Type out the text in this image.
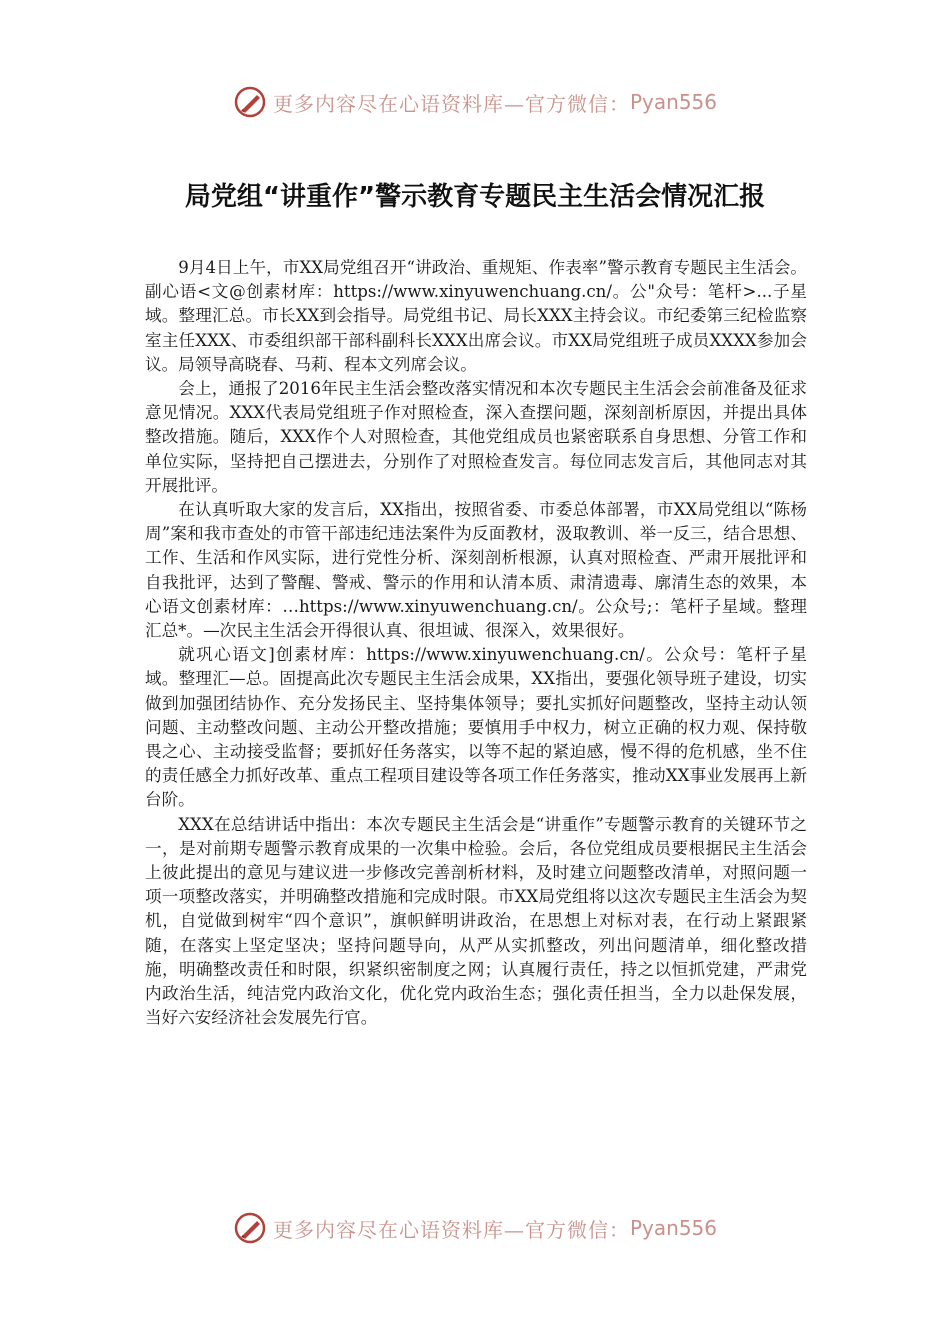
更多内容尽在心语资料库—官方微信： Pyan556
局党组“讲重作”警示教育专题民主生活会情况汇报

9月4日上午，市XX局党组召开“讲政治、重规矩、作表率”警示教育专题民主生活会。副心语<文@创素材库：https://www.xinyuwenchuang.cn/。公"众号：笔杆>...子星域。整理汇总。市长XX到会指导。局党组书记、局长XXX主持会议。市纪委第三纪检监察室主任XXX、市委组织部干部科副科长XXX出席会议。市XX局党组班子成员XXXX参加会议。局领导高晓春、马莉、程本文列席会议。

会上，通报了2016年民主生活会整改落实情况和本次专题民主生活会会前准备及征求意见情况。XXX代表局党组班子作对照检查，深入查摆问题，深刻剖析原因，并提出具体整改措施。随后，XXX作个人对照检查，其他党组成员也紧密联系自身思想、分管工作和单位实际，坚持把自己摆进去，分别作了对照检查发言。每位同志发言后，其他同志对其开展批评。

在认真听取大家的发言后，XX指出，按照省委、市委总体部署，市XX局党组以“陈杨周”案和我市查处的市管干部违纪违法案件为反面教材，汲取教训、举一反三，结合思想、工作、生活和作风实际，进行党性分析、深刻剖析根源，认真对照检查、严肃开展批评和自我批评，达到了警醒、警戒、警示的作用和认清本质、肃清遗毒、廓清生态的效果，本心语文创素材库：…https://www.xinyuwenchuang.cn/。公众号;：笔杆子星域。整理汇总*。—次民主生活会开得很认真、很坦诚、很深入，效果很好。

就巩心语文]创素材库：https://www.xinyuwenchuang.cn/。公众号：笔杆子星域。整理汇—总。固提高此次专题民主生活会成果，XX指出，要强化领导班子建设，切实做到加强团结协作、充分发扬民主、坚持集体领导；要扎实抓好问题整改，坚持主动认领问题、主动整改问题、主动公开整改措施；要慎用手中权力，树立正确的权力观、保持敬畏之心、主动接受监督；要抓好任务落实，以等不起的紧迫感，慢不得的危机感，坐不住的责任感全力抓好改革、重点工程项目建设等各项工作任务落实，推动XX事业发展再上新台阶。

XXX在总结讲话中指出：本次专题民主生活会是“讲重作”专题警示教育的关键环节之一，是对前期专题警示教育成果的一次集中检验。会后，各位党组成员要根据民主生活会上彼此提出的意见与建议进一步修改完善剖析材料，及时建立问题整改清单，对照问题一项一项整改落实，并明确整改措施和完成时限。市XX局党组将以这次专题民主生活会为契机，自觉做到树牢“四个意识”，旗帜鲜明讲政治，在思想上对标对表，在行动上紧跟紧随，在落实上坚定坚决；坚持问题导向，从严从实抓整改，列出问题清单，细化整改措施，明确整改责任和时限，织紧织密制度之网；认真履行责任，持之以恒抓党建，严肃党内政治生活，纯洁党内政治文化，优化党内政治生态；强化责任担当，全力以赴保发展，当好六安经济社会发展先行官。

更多内容尽在心语资料库—官方微信： Pyan556
